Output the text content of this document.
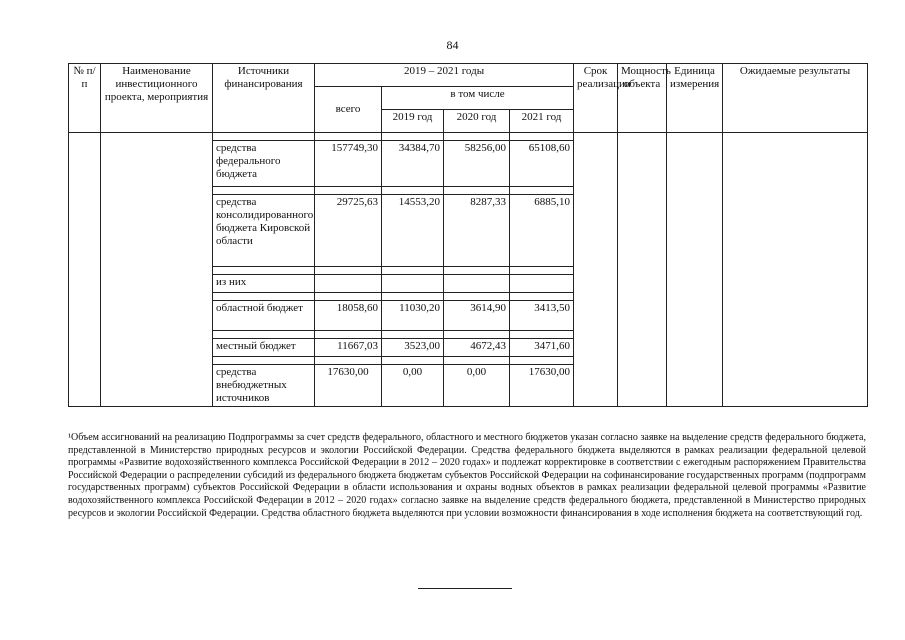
84
№ п/п	Наименование инвестиционного проекта, мероприятия	Источники финансирования	2019 – 2021 годы				Срок реализации	Мощность объекта	Единица измерения	Ожидаемые результаты
			всего	в том числе						
				2019 год	2020 год	2021 год				

		средства федерального бюджета	157749,30	34384,70	58256,00	65108,60				

		средства консолидированного бюджета Кировской области	29725,63	14553,20	8287,33	6885,10				

		из них								

		областной бюджет	18058,60	11030,20	3614,90	3413,50				

		местный бюджет	11667,03	3523,00	4672,43	3471,60				

		средства внебюджетных источников	17630,00	0,00	0,00	17630,00				
¹Объем ассигнований на реализацию Подпрограммы за счет средств федерального, областного и местного бюджетов указан согласно заявке на выделение средств федерального бюджета, представленной в Министерство природных ресурсов и экологии Российской Федерации. Средства федерального бюджета выделяются в рамках реализации федеральной целевой программы «Развитие водохозяйственного комплекса Российской Федерации в 2012 – 2020 годах» и подлежат корректировке в соответствии с ежегодным распоряжением Правительства Российской Федерации о распределении субсидий из федерального бюджета бюджетам субъектов Российской Федерации на софинансирование государственных программ (подпрограмм государственных программ) субъектов Российской Федерации в области использования и охраны водных объектов в рамках реализации федеральной целевой программы «Развитие водохозяйственного комплекса Российской Федерации в 2012 – 2020 годах» согласно заявке на выделение средств федерального бюджета, представленной в Министерство природных ресурсов и экологии Российской Федерации. Средства областного бюджета выделяются при условии возможности финансирования в ходе исполнения бюджета на соответствующий год.
